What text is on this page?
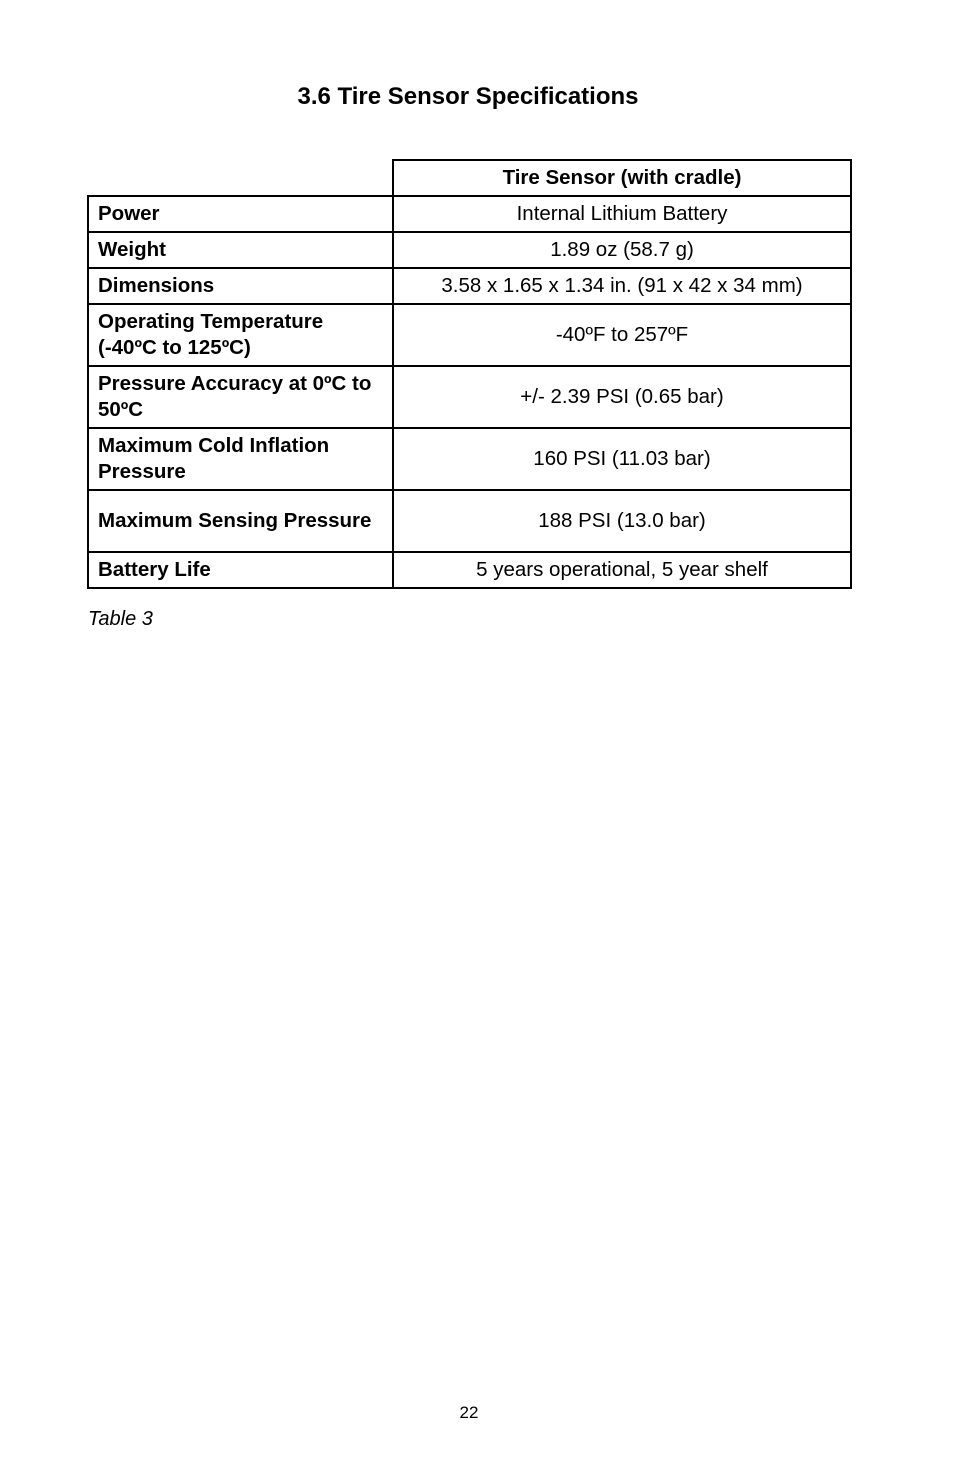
3.6 Tire Sensor Specifications
	Tire Sensor (with cradle)
Power	Internal Lithium Battery
Weight	1.89 oz (58.7 g)
Dimensions	3.58 x 1.65 x 1.34 in. (91 x 42 x 34 mm)
Operating Temperature (-40ºC to 125ºC)	-40ºF to 257ºF
Pressure Accuracy at 0ºC to 50ºC	+/- 2.39 PSI (0.65 bar)
Maximum Cold Inflation Pressure	160 PSI (11.03 bar)
Maximum Sensing Pressure	188 PSI (13.0 bar)
Battery Life	5 years operational, 5 year shelf
Table 3
22
